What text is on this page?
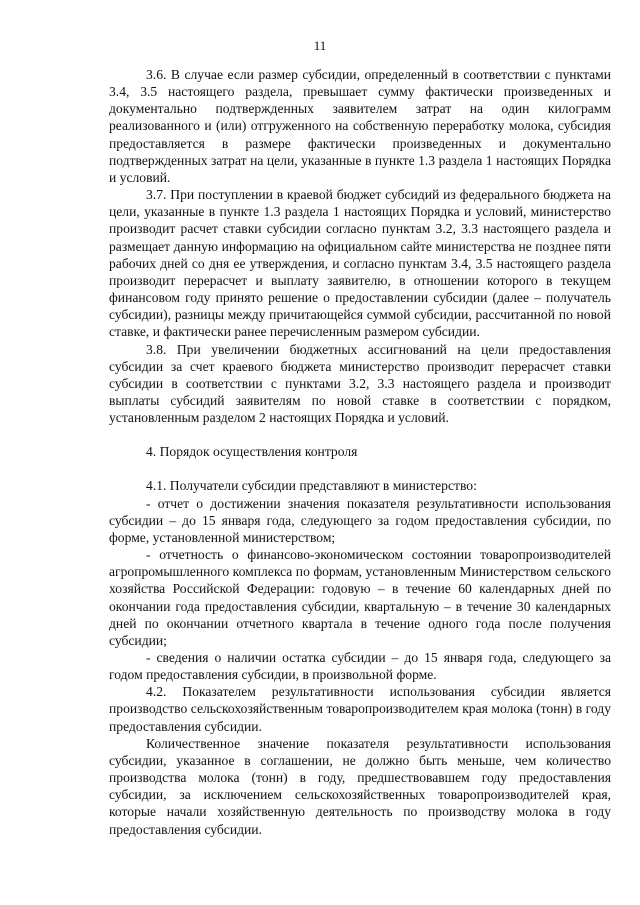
11

3.6. В случае если размер субсидии, определенный в соответствии с пунктами 3.4, 3.5 настоящего раздела, превышает сумму фактически произведенных и документально подтвержденных заявителем затрат на один килограмм реализованного и (или) отгруженного на собственную переработку молока, субсидия предоставляется в размере фактически произведенных и документально подтвержденных затрат на цели, указанные в пункте 1.3 раздела 1 настоящих Порядка и условий.

3.7. При поступлении в краевой бюджет субсидий из федерального бюджета на цели, указанные в пункте 1.3 раздела 1 настоящих Порядка и условий, министерство производит расчет ставки субсидии согласно пунктам 3.2, 3.3 настоящего раздела и размещает данную информацию на официальном сайте министерства не позднее пяти рабочих дней со дня ее утверждения, и согласно пунктам 3.4, 3.5 настоящего раздела производит перерасчет и выплату заявителю, в отношении которого в текущем финансовом году принято решение о предоставлении субсидии (далее – получатель субсидии), разницы между причитающейся суммой субсидии, рассчитанной по новой ставке, и фактически ранее перечисленным размером субсидии.

3.8. При увеличении бюджетных ассигнований на цели предоставления субсидии за счет краевого бюджета министерство производит перерасчет ставки субсидии в соответствии с пунктами 3.2, 3.3 настоящего раздела и производит выплаты субсидий заявителям по новой ставке в соответствии с порядком, установленным разделом 2 настоящих Порядка и условий.

4. Порядок осуществления контроля

4.1. Получатели субсидии представляют в министерство:

- отчет о достижении значения показателя результативности использования субсидии – до 15 января года, следующего за годом предоставления субсидии, по форме, установленной министерством;

- отчетность о финансово-экономическом состоянии товаропроизводителей агропромышленного комплекса по формам, установленным Министерством сельского хозяйства Российской Федерации: годовую – в течение 60 календарных дней по окончании года предоставления субсидии, квартальную – в течение 30 календарных дней по окончании отчетного квартала в течение одного года после получения субсидии;

- сведения о наличии остатка субсидии – до 15 января года, следующего за годом предоставления субсидии, в произвольной форме.

4.2. Показателем результативности использования субсидии является производство сельскохозяйственным товаропроизводителем края молока (тонн) в году предоставления субсидии.

Количественное значение показателя результативности использования субсидии, указанное в соглашении, не должно быть меньше, чем количество производства молока (тонн) в году, предшествовавшем году предоставления субсидии, за исключением сельскохозяйственных товаропроизводителей края, которые начали хозяйственную деятельность по производству молока в году предоставления субсидии.
